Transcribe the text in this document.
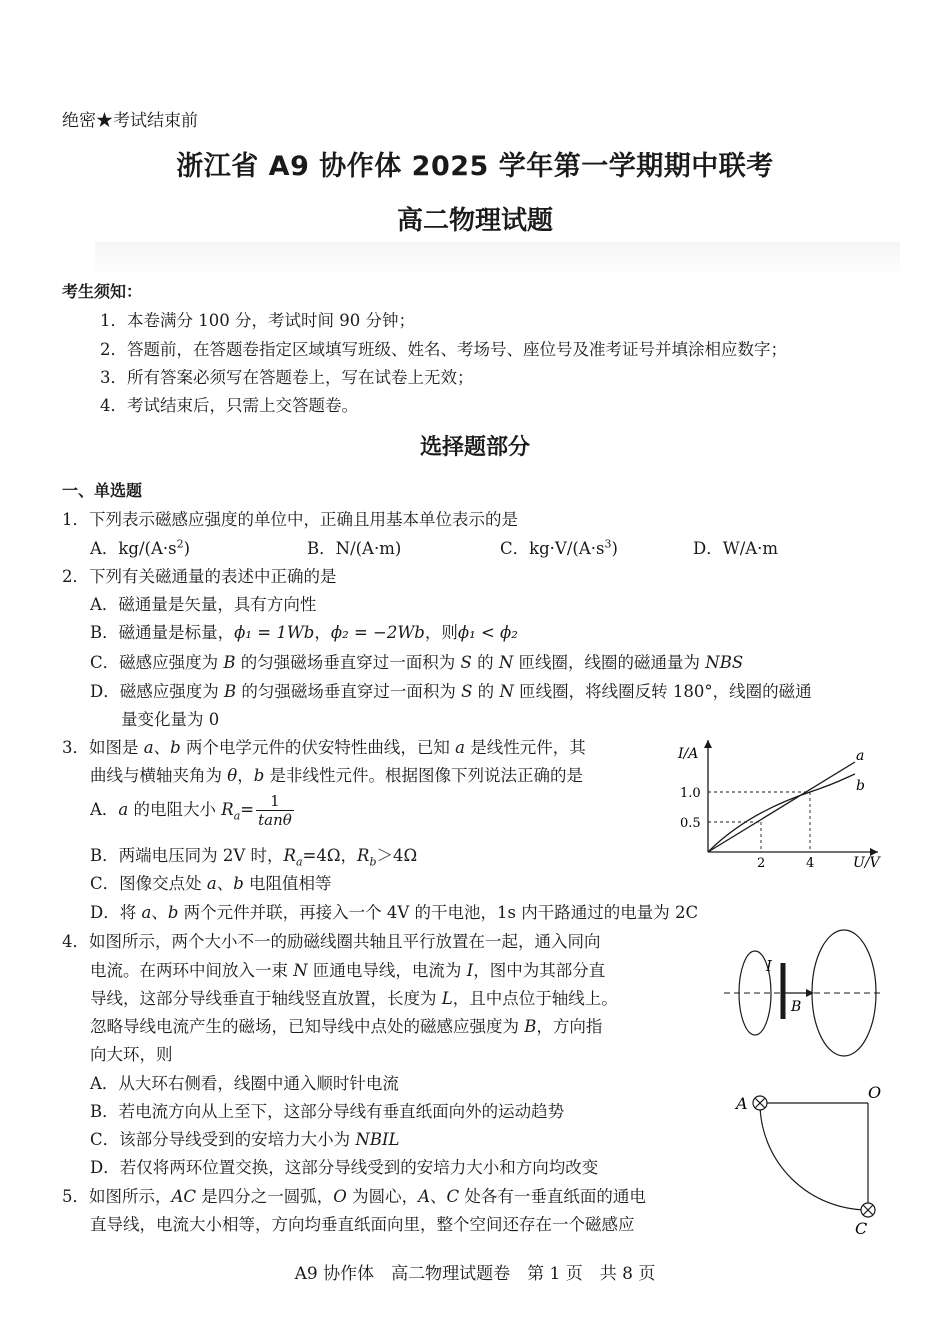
绝密★考试结束前
浙江省 A9 协作体 2025 学年第一学期期中联考
高二物理试题
考生须知：
1．本卷满分 100 分，考试时间 90 分钟；
2．答题前，在答题卷指定区域填写班级、姓名、考场号、座位号及准考证号并填涂相应数字；
3．所有答案必须写在答题卷上，写在试卷上无效；
4．考试结束后，只需上交答题卷。
选择题部分
一、单选题
1．下列表示磁感应强度的单位中，正确且用基本单位表示的是
A．$kg/(A\cdot s^2)$	B．N/(A·m)	C．$kg\cdot V/(A\cdot s^3)$	D．W/A·m
2．下列有关磁通量的表述中正确的是
A．磁通量是矢量，具有方向性
B．磁通量是标量，ϕ₁ = 1Wb，ϕ₂ = −2Wb，则ϕ₁ < ϕ₂
C．磁感应强度为 B 的匀强磁场垂直穿过一面积为 S 的 N 匝线圈，线圈的磁通量为 NBS
D．磁感应强度为 B 的匀强磁场垂直穿过一面积为 S 的 N 匝线圈，将线圈反转 180°，线圈的磁通
量变化量为 0
3．如图是 a、b 两个电学元件的伏安特性曲线，已知 a 是线性元件，其
曲线与横轴夹角为 θ，b 是非线性元件。根据图像下列说法正确的是
A．a 的电阻大小 $R_a= \frac{1}{\tan\theta}$
B．两端电压同为 2V 时，$R_a=4\Omega$，$R_b>4\Omega$
C．图像交点处 a、b 电阻值相等
D．将 a、b 两个元件并联，再接入一个 4V 的干电池，1s 内干路通过的电量为 2C
I/A
U/V
a
b
1.0
0.5
2	4
4．如图所示，两个大小不一的励磁线圈共轴且平行放置在一起，通入同向
电流。在两环中间放入一束 N 匝通电导线，电流为 I，图中为其部分直
导线，这部分导线垂直于轴线竖直放置，长度为 L，且中点位于轴线上。
忽略导线电流产生的磁场，已知导线中点处的磁感应强度为 B，方向指
向大环，则
A．从大环右侧看，线圈中通入顺时针电流
B．若电流方向从上至下，这部分导线有垂直纸面向外的运动趋势
C．该部分导线受到的安培力大小为 NBIL
D．若仅将两环位置交换，这部分导线受到的安培力大小和方向均改变
I
B
5．如图所示，AC 是四分之一圆弧，O 为圆心，A、C 处各有一垂直纸面的通电
直导线，电流大小相等，方向均垂直纸面向里，整个空间还存在一个磁感应
A
O
C
A9 协作体　高二物理试题卷　第 1 页　共 8 页
